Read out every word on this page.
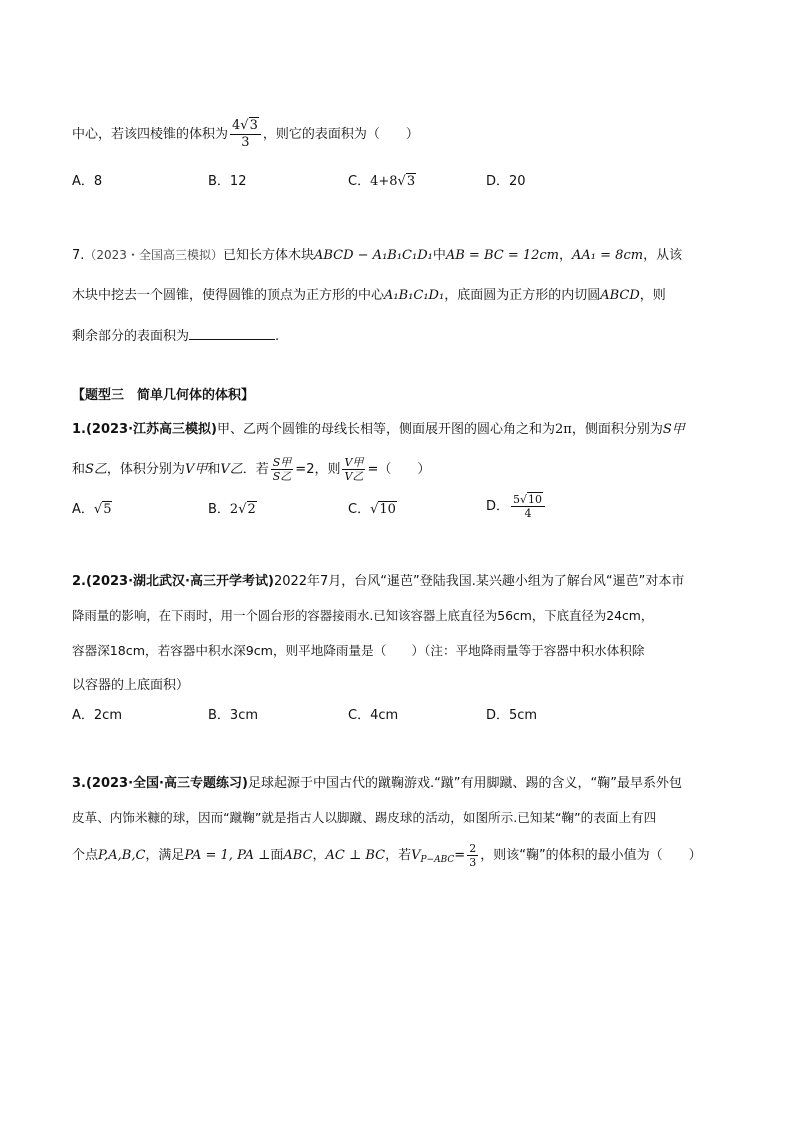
中心，若该四棱锥的体积为 $\frac{4√3}{3}$ ，则它的表面积为（　　）
A．8	B．12	C．4+8√3	D．20
7.（2023・全国高三模拟）已知长方体木块ABCD − A₁B₁C₁D₁中AB = BC = 12cm，AA₁ = 8cm，从该
木块中挖去一个圆锥，使得圆锥的顶点为正方形的中心A₁B₁C₁D₁，底面圆为正方形的内切圆ABCD，则
剩余部分的表面积为	.
【题型三　简单几何体的体积】
1.(2023·江苏高三模拟)甲、乙两个圆锥的母线长相等，侧面展开图的圆心角之和为2π，侧面积分别为S甲
和S乙，体积分别为V甲和V乙．若 $\frac{\text{S甲}}{\text{S乙}} =2$，则 $\frac{\text{V甲}}{\text{V乙}}$ =（　　）
A．√5	B．2√2	C．√10	D． $\frac{5√10}{4}$
2.(2023·湖北武汉·高三开学考试)2022年7月，台风“暹芭”登陆我国.某兴趣小组为了解台风“暹芭”对本市
降雨量的影响，在下雨时，用一个圆台形的容器接雨水.已知该容器上底直径为56cm，下底直径为24cm，
容器深18cm，若容器中积水深9cm，则平地降雨量是（　　）（注：平地降雨量等于容器中积水体积除
以容器的上底面积）
A．2cm	B．3cm	C．4cm	D．5cm
3.(2023·全国·高三专题练习)足球起源于中国古代的蹴鞠游戏.“蹴”有用脚蹴、踢的含义，“鞠”最早系外包
皮革、内饰米糠的球，因而“蹴鞠”就是指古人以脚蹴、踢皮球的活动，如图所示.已知某“鞠”的表面上有四
个点P,A,B,C，满足PA = 1, PA ⊥面ABC，AC ⊥ BC，若$V_{P-ABC}= \frac{2}{3}$ ，则该“鞠”的体积的最小值为（　　）
